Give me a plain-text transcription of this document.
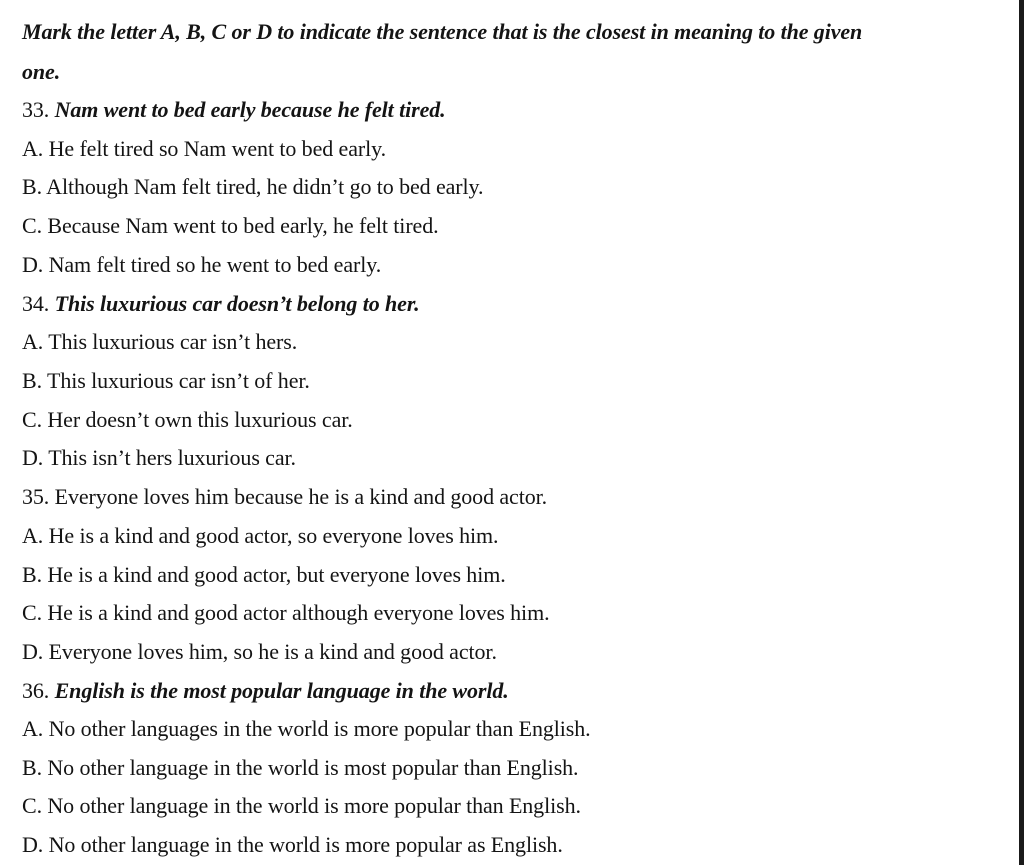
Mark the letter A, B, C or D to indicate the sentence that is the closest in meaning to the given
one.
33. Nam went to bed early because he felt tired.
A. He felt tired so Nam went to bed early.
B. Although Nam felt tired, he didn’t go to bed early.
C. Because Nam went to bed early, he felt tired.
D. Nam felt tired so he went to bed early.
34. This luxurious car doesn’t belong to her.
A. This luxurious car isn’t hers.
B. This luxurious car isn’t of her.
C. Her doesn’t own this luxurious car.
D. This isn’t hers luxurious car.
35. Everyone loves him because he is a kind and good actor.
A. He is a kind and good actor, so everyone loves him.
B. He is a kind and good actor, but everyone loves him.
C. He is a kind and good actor although everyone loves him.
D. Everyone loves him, so he is a kind and good actor.
36. English is the most popular language in the world.
A. No other languages in the world is more popular than English.
B. No other language in the world is most popular than English.
C. No other language in the world is more popular than English.
D. No other language in the world is more popular as English.
